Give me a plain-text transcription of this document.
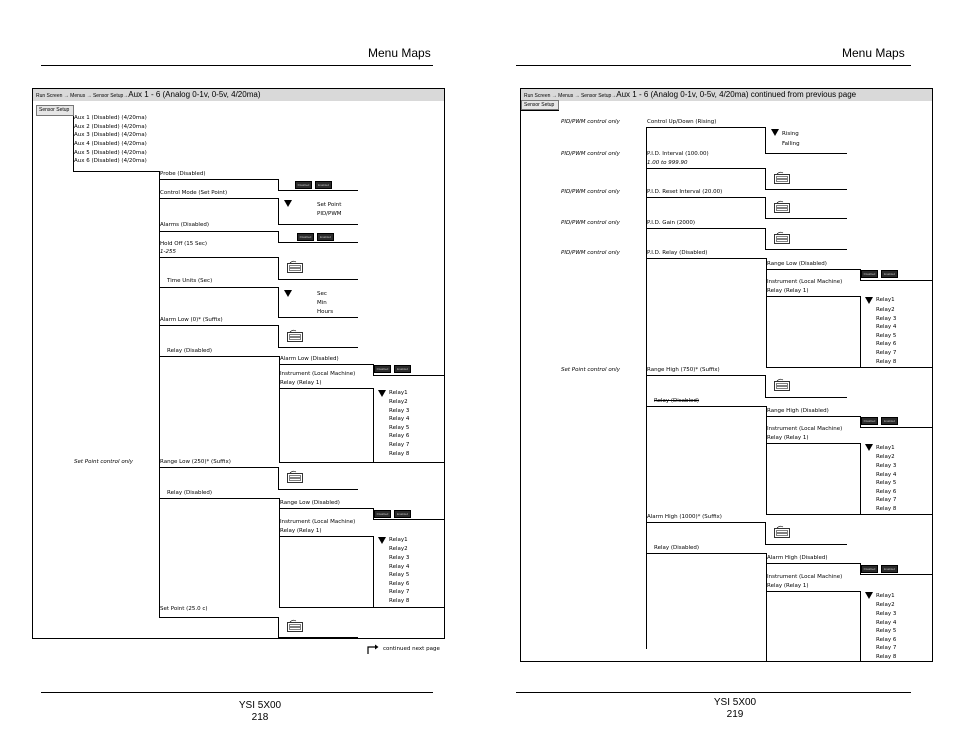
Menu Maps
Run Screen → Menus → Sensor Setup→Aux 1 - 6 (Analog 0-1v, 0-5v, 4/20ma)
Sensor Setup
Aux 1 (Disabled) (4/20ma)
Aux 2 (Disabled) (4/20ma)
Aux 3 (Disabled) (4/20ma)
Aux 4 (Disabled) (4/20ma)
Aux 5 (Disabled) (4/20ma)
Aux 6 (Disabled) (4/20ma)
Probe (Disabled)
Disabled	Enabled
Control Mode (Set Point)
Set Point
PID/PWM
Alarms (Disabled)
Disabled	Enabled
Hold Off (15 Sec)
1-255
Time Units (Sec)
Sec
Min
Hours
Alarm Low (0)* (Suffix)
Relay (Disabled)
Alarm Low (Disabled)
Disabled	Enabled
Instrument (Local Machine)
Relay (Relay 1)
Relay1
Relay2
Relay 3
Relay 4
Relay 5
Relay 6
Relay 7
Relay 8
Set Point control only	Range Low (250)* (Suffix)
Relay (Disabled)
Range Low (Disabled)
Disabled	Enabled
Instrument (Local Machine)
Relay (Relay 1)
Relay1
Relay2
Relay 3
Relay 4
Relay 5
Relay 6
Relay 7
Relay 8
Set Point (25.0 c)
continued next page
YSI 5X00
218
Menu Maps
Run Screen → Menus → Sensor Setup→Aux 1 - 6 (Analog 0-1v, 0-5v, 4/20ma) continued from previous page
Sensor Setup
PID/PWM control only	Control Up/Down (Rising)
Rising
Falling
PID/PWM control only	P.I.D. Interval (100.00)
1.00 to 999.90
PID/PWM control only	P.I.D. Reset Interval (20.00)
PID/PWM control only	P.I.D. Gain (2000)
PID/PWM control only	P.I.D. Relay (Disabled)
Range Low (Disabled)
Disabled	Enabled
Instrument (Local Machine)
Relay (Relay 1)
Relay1
Relay2
Relay 3
Relay 4
Relay 5
Relay 6
Relay 7
Relay 8
Set Point control only	Range High (750)* (Suffix)
Relay (Disabled)
Range High (Disabled)
Disabled	Enabled
Instrument (Local Machine)
Relay (Relay 1)
Relay1
Relay2
Relay 3
Relay 4
Relay 5
Relay 6
Relay 7
Relay 8
Alarm High (1000)* (Suffix)
Relay (Disabled)
Alarm High (Disabled)
Disabled	Enabled
Instrument (Local Machine)
Relay (Relay 1)
Relay1
Relay2
Relay 3
Relay 4
Relay 5
Relay 6
Relay 7
Relay 8
YSI 5X00
219
